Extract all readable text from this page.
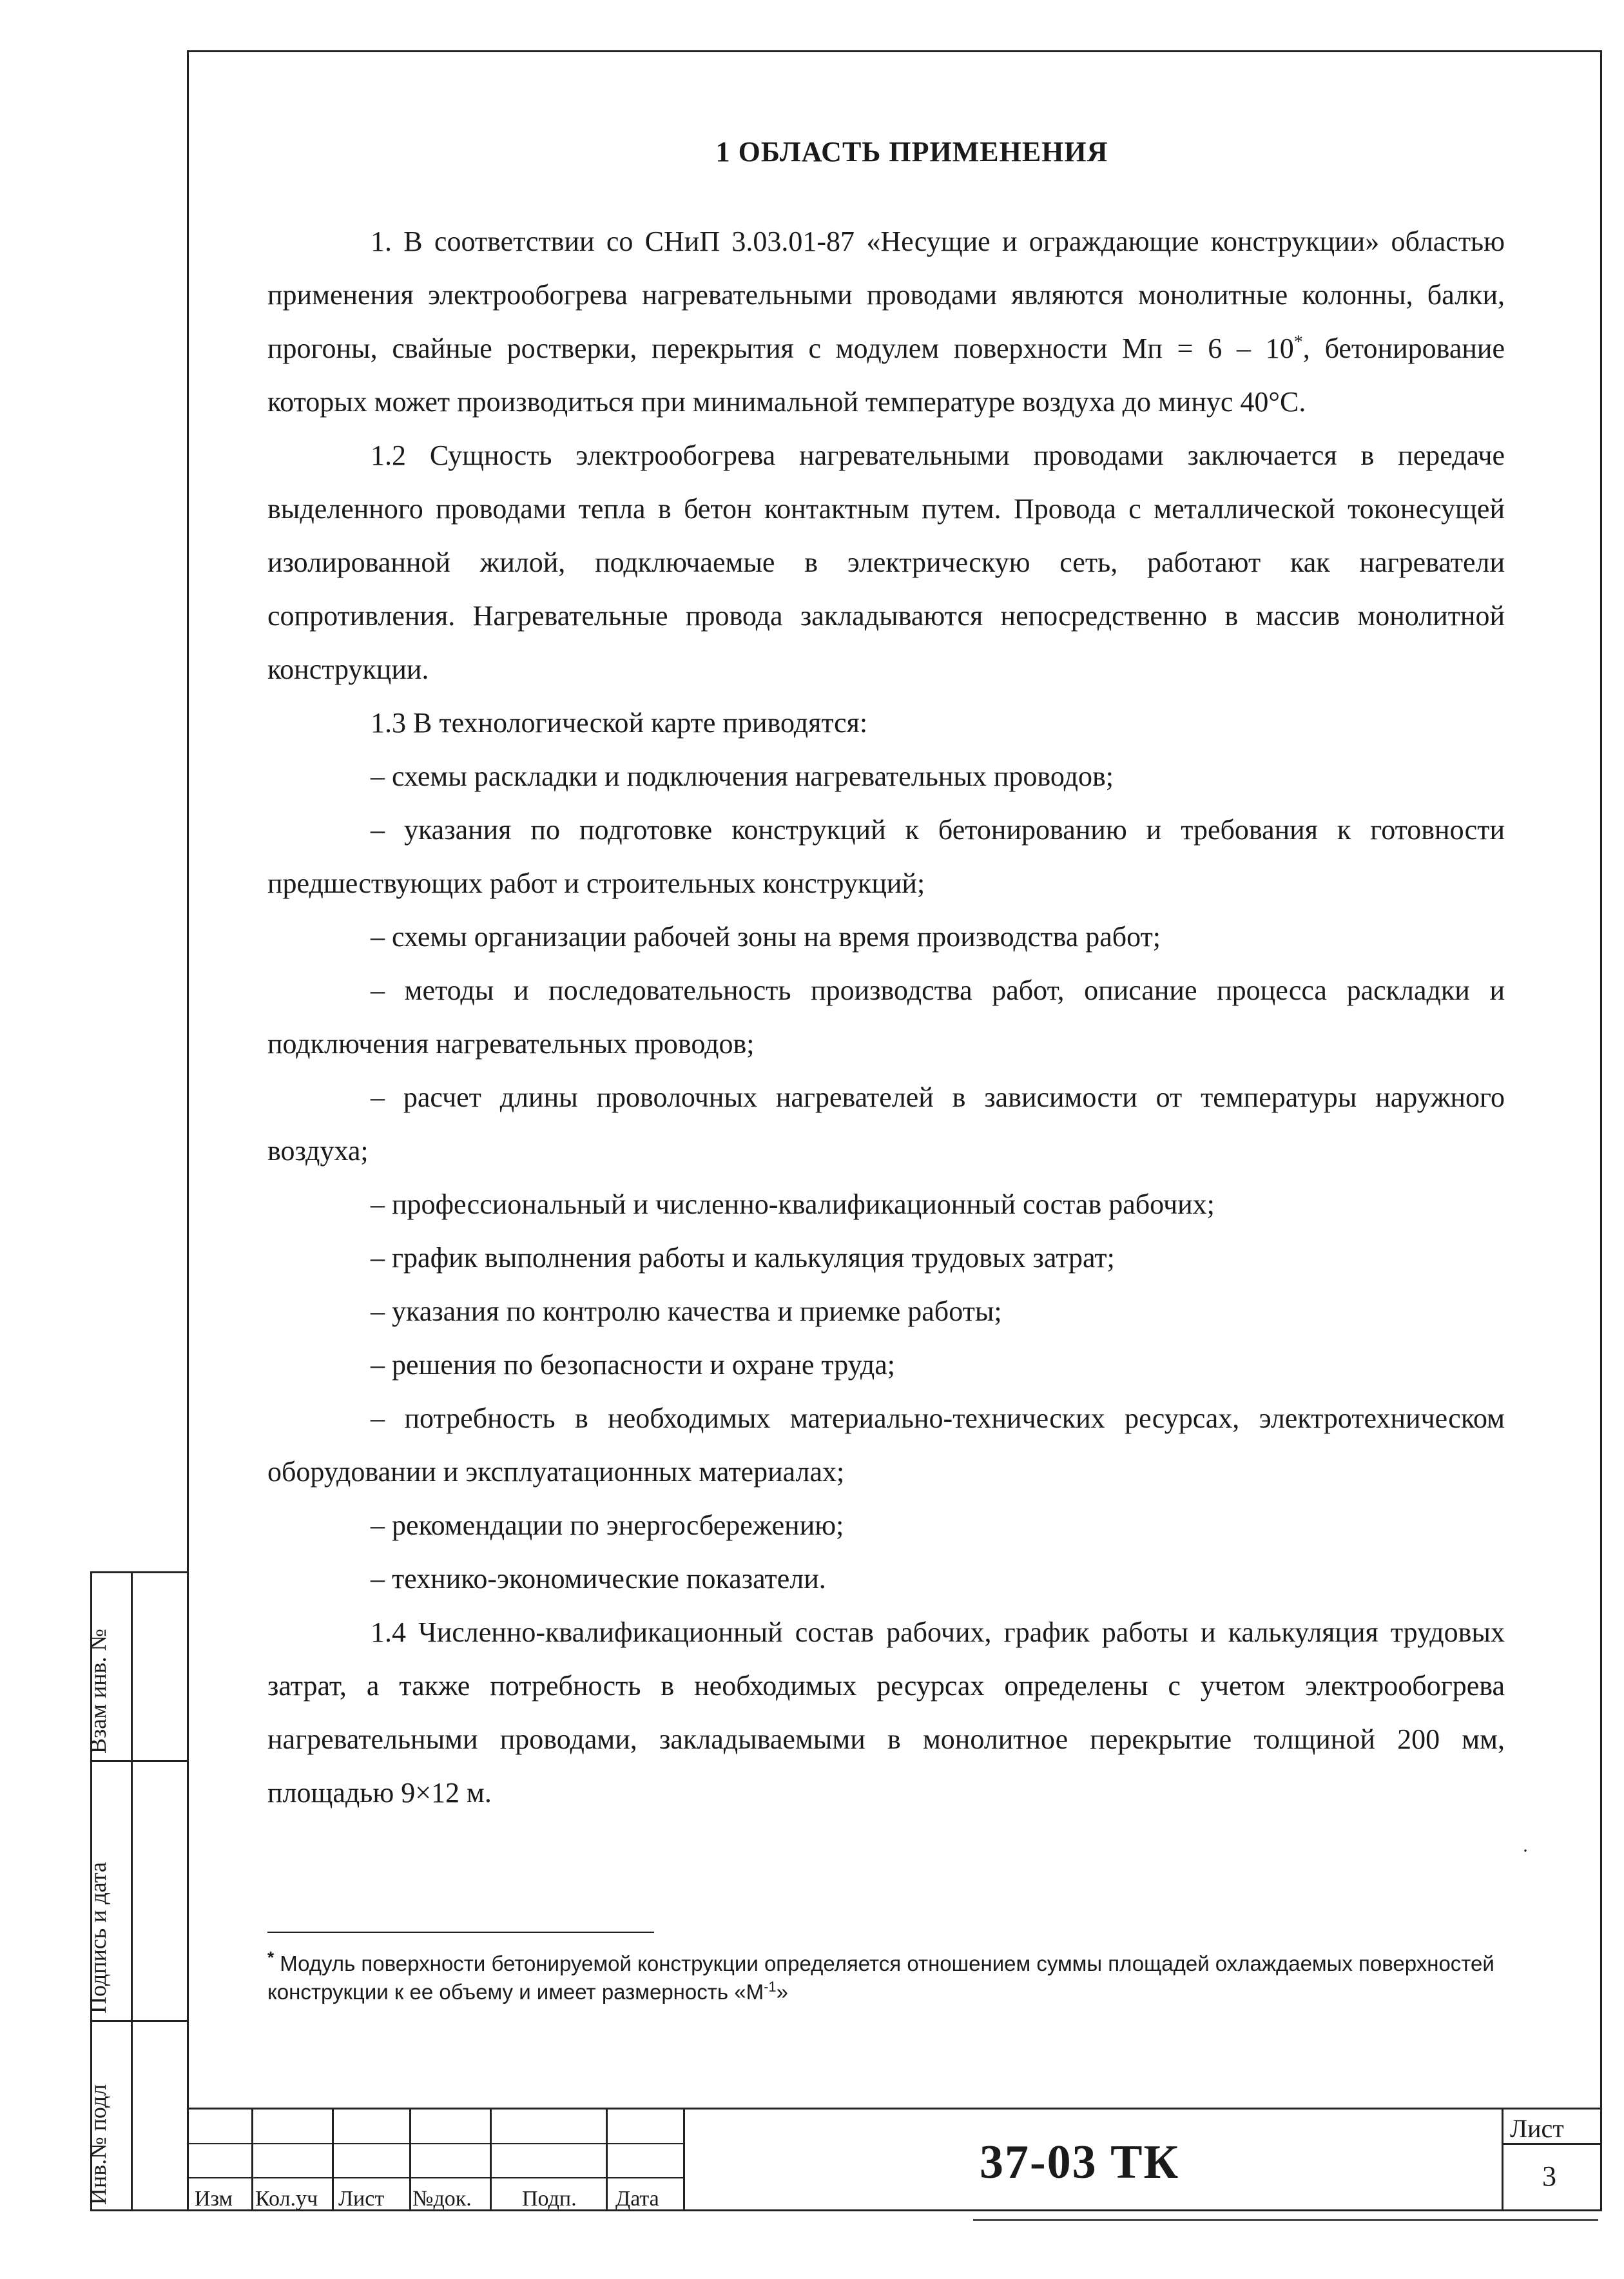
1 ОБЛАСТЬ ПРИМЕНЕНИЯ

1. В соответствии со СНиП 3.03.01-87 «Несущие и ограждающие конструкции» областью применения электрообогрева нагревательными проводами являются монолитные колонны, балки, прогоны, свайные ростверки, перекрытия с модулем поверхности Мп = 6 – 10*, бетонирование которых может производиться при минимальной температуре воздуха до минус 40°С.

1.2 Сущность электрообогрева нагревательными проводами заключается в передаче выделенного проводами тепла в бетон контактным путем. Провода с металлической токонесущей изолированной жилой, подключаемые в электрическую сеть, работают как нагреватели сопротивления. Нагревательные провода закладываются непосредственно в массив монолитной конструкции.

1.3 В технологической карте приводятся:

– схемы раскладки и подключения нагревательных проводов;

– указания по подготовке конструкций к бетонированию и требования к готовности предшествующих работ и строительных конструкций;

– схемы организации рабочей зоны на время производства работ;

– методы и последовательность производства работ, описание процесса раскладки и подключения нагревательных проводов;

– расчет длины проволочных нагревателей в зависимости от температуры наружного воздуха;

– профессиональный и численно-квалификационный состав рабочих;

– график выполнения работы и калькуляция трудовых затрат;

– указания по контролю качества и приемке работы;

– решения по безопасности и охране труда;

– потребность в необходимых материально-технических ресурсах, электротехническом оборудовании и эксплуатационных материалах;

– рекомендации по энергосбережению;

– технико-экономические показатели.

1.4 Численно-квалификационный состав рабочих, график работы и калькуляция трудовых затрат, а также потребность в необходимых ресурсах определены с учетом электрообогрева нагревательными проводами, закладываемыми в монолитное перекрытие толщиной 200 мм, площадью 9×12 м.

·
* Модуль поверхности бетонируемой конструкции определяется отношением суммы площадей охлаждаемых поверхностей конструкции к ее объему и имеет размерность «$М^{-1}$»
Взам инв. №
Подпись и дата
Инв.№ подл	Изм Кол.уч Лист №док. Подп. Дата
37-03 ТК
Лист
3
